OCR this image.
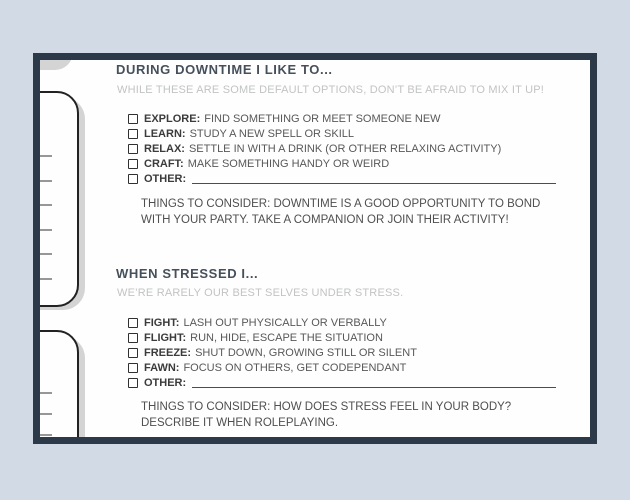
DURING DOWNTIME I LIKE TO...
WHILE THESE ARE SOME DEFAULT OPTIONS, DON’T BE AFRAID TO MIX IT UP!
EXPLORE: FIND SOMETHING OR MEET SOMEONE NEW
LEARN: STUDY A NEW SPELL OR SKILL
RELAX: SETTLE IN WITH A DRINK (OR OTHER RELAXING ACTIVITY)
CRAFT: MAKE SOMETHING HANDY OR WEIRD
OTHER:
THINGS TO CONSIDER: DOWNTIME IS A GOOD OPPORTUNITY TO BOND
WITH YOUR PARTY. TAKE A COMPANION OR JOIN THEIR ACTIVITY!
WHEN STRESSED I...
WE’RE RARELY OUR BEST SELVES UNDER STRESS.
FIGHT: LASH OUT PHYSICALLY OR VERBALLY
FLIGHT: RUN, HIDE, ESCAPE THE SITUATION
FREEZE: SHUT DOWN, GROWING STILL OR SILENT
FAWN: FOCUS ON OTHERS, GET CODEPENDANT
OTHER:
THINGS TO CONSIDER: HOW DOES STRESS FEEL IN YOUR BODY?
DESCRIBE IT WHEN ROLEPLAYING.
